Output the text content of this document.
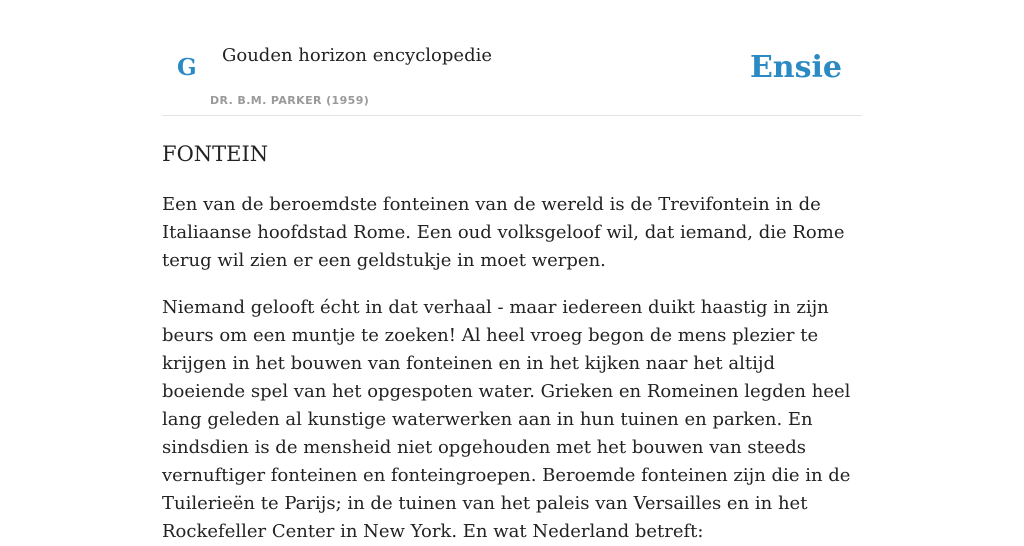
G Gouden horizon encyclopedie
DR. B.M. PARKER (1959)
Ensie
FONTEIN

Een van de beroemdste fonteinen van de wereld is de Trevifontein in de Italiaanse hoofdstad Rome. Een oud volksgeloof wil, dat iemand, die Rome terug wil zien er een geldstukje in moet werpen.

Niemand gelooft écht in dat verhaal - maar iedereen duikt haastig in zijn beurs om een muntje te zoeken! Al heel vroeg begon de mens plezier te krijgen in het bouwen van fonteinen en in het kijken naar het altijd boeiende spel van het opgespoten water. Grieken en Romeinen legden heel lang geleden al kunstige waterwerken aan in hun tuinen en parken. En sindsdien is de mensheid niet opgehouden met het bouwen van steeds vernuftiger fonteinen en fonteingroepen. Beroemde fonteinen zijn die in de Tuilerieën te Parijs; in de tuinen van het paleis van Versailles en in het Rockefeller Center in New York. En wat Nederland betreft:
